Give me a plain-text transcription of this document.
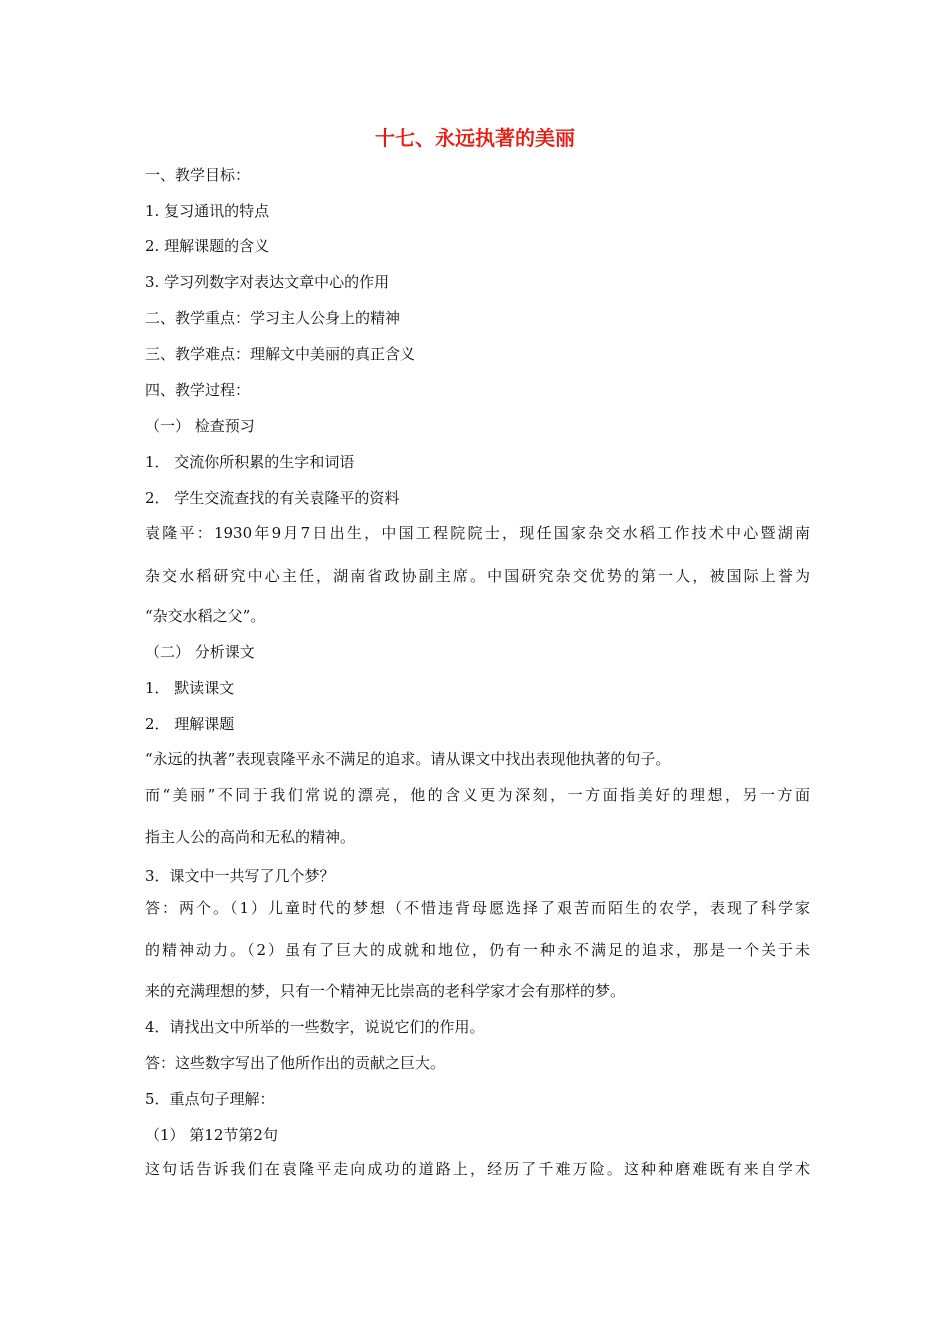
十七、永远执著的美丽
一、教学目标：
1. 复习通讯的特点
2. 理解课题的含义
3. 学习列数字对表达文章中心的作用
二、教学重点：学习主人公身上的精神
三、教学难点：理解文中美丽的真正含义
四、教学过程：
（一） 检查预习
1． 交流你所积累的生字和词语
2． 学生交流查找的有关袁隆平的资料
袁隆平：1930年9月7日出生，中国工程院院士，现任国家杂交水稻工作技术中心暨湖南
杂交水稻研究中心主任，湖南省政协副主席。中国研究杂交优势的第一人，被国际上誉为
“杂交水稻之父”。
（二） 分析课文
1． 默读课文
2． 理解课题
“永远的执著”表现袁隆平永不满足的追求。请从课文中找出表现他执著的句子。
而“美丽”不同于我们常说的漂亮，他的含义更为深刻，一方面指美好的理想，另一方面
指主人公的高尚和无私的精神。
3．课文中一共写了几个梦？
答：两个。（1）儿童时代的梦想（不惜违背母愿选择了艰苦而陌生的农学，表现了科学家
的精神动力。（2）虽有了巨大的成就和地位，仍有一种永不满足的追求，那是一个关于未
来的充满理想的梦，只有一个精神无比崇高的老科学家才会有那样的梦。
4．请找出文中所举的一些数字，说说它们的作用。
答：这些数字写出了他所作出的贡献之巨大。
5．重点句子理解：
（1） 第12节第2句
这句话告诉我们在袁隆平走向成功的道路上，经历了千难万险。这种种磨难既有来自学术
